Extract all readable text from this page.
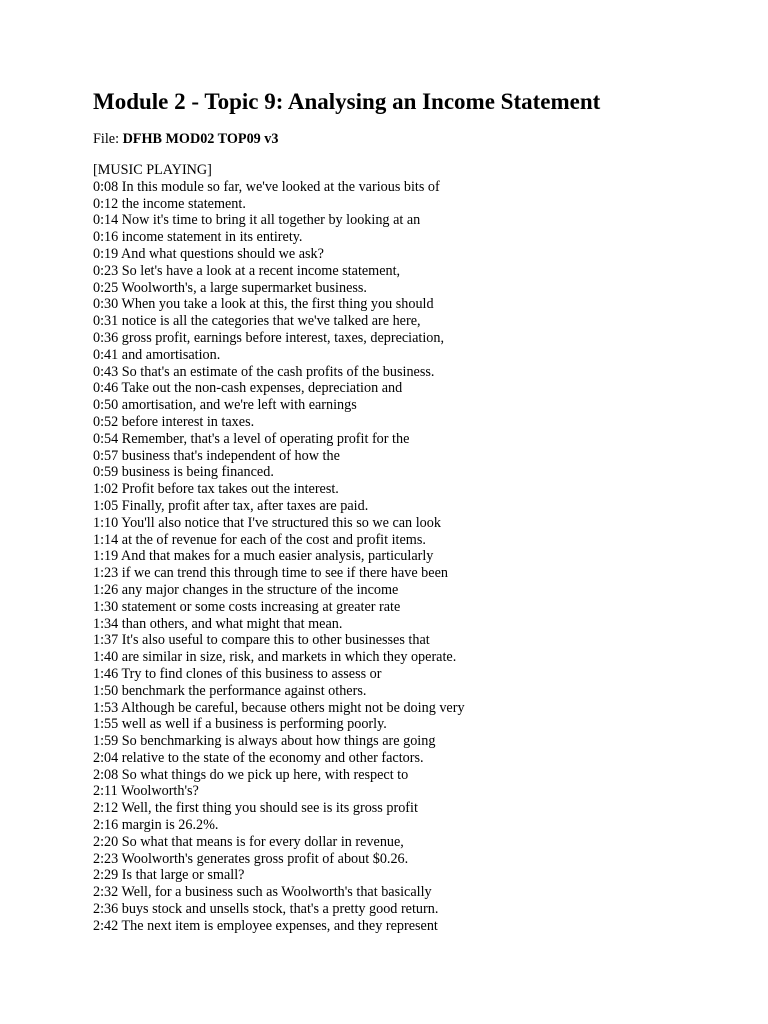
Module 2 - Topic 9: Analysing an Income Statement
File: DFHB MOD02 TOP09 v3
[MUSIC PLAYING]
0:08 In this module so far, we've looked at the various bits of
0:12 the income statement.
0:14 Now it's time to bring it all together by looking at an
0:16 income statement in its entirety.
0:19 And what questions should we ask?
0:23 So let's have a look at a recent income statement,
0:25 Woolworth's, a large supermarket business.
0:30 When you take a look at this, the first thing you should
0:31 notice is all the categories that we've talked are here,
0:36 gross profit, earnings before interest, taxes, depreciation,
0:41 and amortisation.
0:43 So that's an estimate of the cash profits of the business.
0:46 Take out the non-cash expenses, depreciation and
0:50 amortisation, and we're left with earnings
0:52 before interest in taxes.
0:54 Remember, that's a level of operating profit for the
0:57 business that's independent of how the
0:59 business is being financed.
1:02 Profit before tax takes out the interest.
1:05 Finally, profit after tax, after taxes are paid.
1:10 You'll also notice that I've structured this so we can look
1:14 at the of revenue for each of the cost and profit items.
1:19 And that makes for a much easier analysis, particularly
1:23 if we can trend this through time to see if there have been
1:26 any major changes in the structure of the income
1:30 statement or some costs increasing at greater rate
1:34 than others, and what might that mean.
1:37 It's also useful to compare this to other businesses that
1:40 are similar in size, risk, and markets in which they operate.
1:46 Try to find clones of this business to assess or
1:50 benchmark the performance against others.
1:53 Although be careful, because others might not be doing very
1:55 well as well if a business is performing poorly.
1:59 So benchmarking is always about how things are going
2:04 relative to the state of the economy and other factors.
2:08 So what things do we pick up here, with respect to
2:11 Woolworth's?
2:12 Well, the first thing you should see is its gross profit
2:16 margin is 26.2%.
2:20 So what that means is for every dollar in revenue,
2:23 Woolworth's generates gross profit of about $0.26.
2:29 Is that large or small?
2:32 Well, for a business such as Woolworth's that basically
2:36 buys stock and unsells stock, that's a pretty good return.
2:42 The next item is employee expenses, and they represent
